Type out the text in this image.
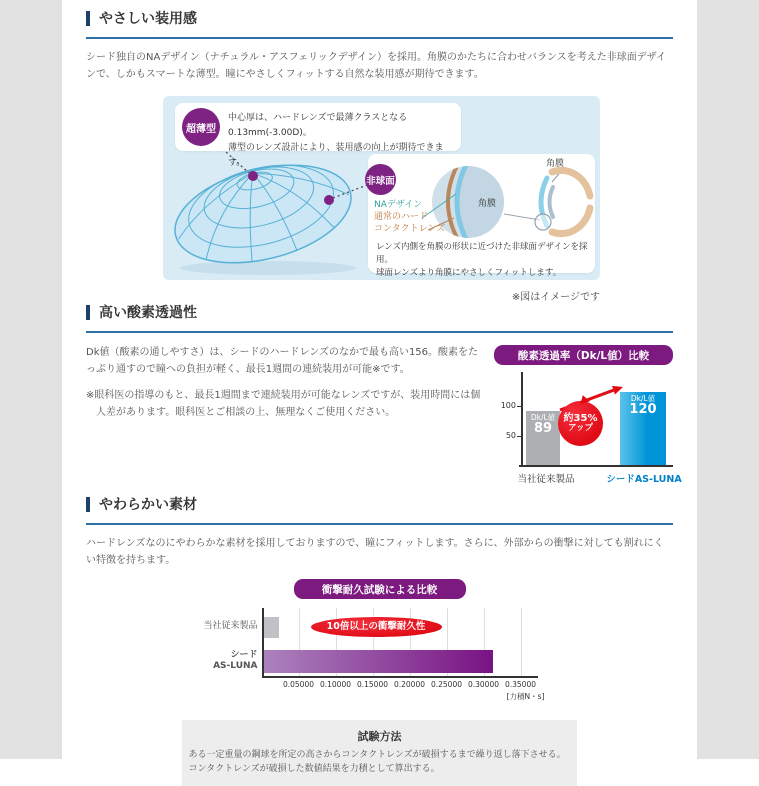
やさしい装用感
シード独自のNAデザイン（ナチュラル・アスフェリックデザイン）を採用。角膜のかたちに合わせバランスを考えた非球面デザインで、しかもスマートな薄型。瞳にやさしくフィットする自然な装用感が期待できます。
超薄型
中心厚は、ハードレンズで最薄クラスとなる0.13mm(-3.00D)。
薄型のレンズ設計により、装用感の向上が期待できます。
非球面
NAデザイン
通常のハード
コンタクトレンズ
角膜
角膜
レンズ内側を角膜の形状に近づけた非球面デザインを採用。
球面レンズより角膜にやさしくフィットします。
※図はイメージです
高い酸素透過性
Dk値（酸素の通しやすさ）は、シードのハードレンズのなかで最も高い156。酸素をたっぷり通すので瞳への負担が軽く、最長1週間の連続装用が可能※です。
※眼科医の指導のもと、最長1週間まで連続装用が可能なレンズですが、装用時間には個人差があります。眼科医とご相談の上、無理なくご使用ください。
酸素透過率（Dk/L値）比較
Dk/L値
89
Dk/L値
120
約35%
アップ
100
50
当社従来製品	シードAS-LUNA
やわらかい素材
ハードレンズなのにやわらかな素材を採用しておりますので、瞳にフィットします。さらに、外部からの衝撃に対しても割れにくい特徴を持ちます。
衝撃耐久試験による比較
当社従来製品
シード
AS-LUNA
10倍以上の衝撃耐久性
0.05000 0.10000 0.15000 0.20000 0.25000 0.30000 0.35000
[力積N・s]
試験方法
ある一定重量の鋼球を所定の高さからコンタクトレンズが破損するまで繰り返し落下させる。
コンタクトレンズが破損した数値結果を力積として算出する。
